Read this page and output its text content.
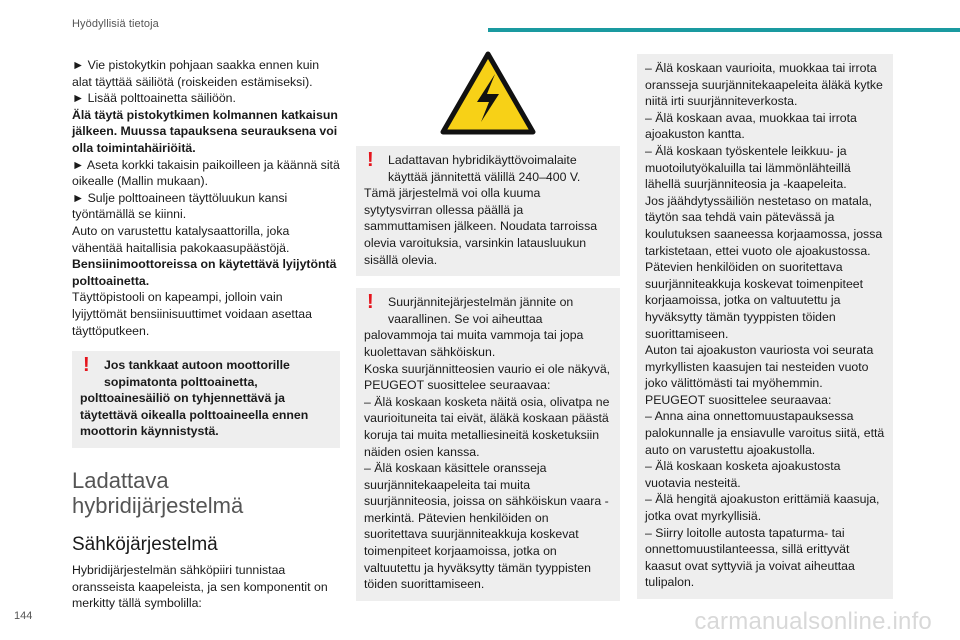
Hyödyllisiä tietoja

► Vie pistokytkin pohjaan saakka ennen kuin alat täyttää säiliötä (roiskeiden estämiseksi).

► Lisää polttoainetta säiliöön.

Älä täytä pistokytkimen kolmannen katkaisun jälkeen. Muussa tapauksena seurauksena voi olla toimintahäiriöitä.

► Aseta korkki takaisin paikoilleen ja käännä sitä oikealle (Mallin mukaan).

► Sulje polttoaineen täyttöluukun kansi työntämällä se kiinni.

Auto on varustettu katalysaattorilla, joka vähentää haitallisia pakokaasupäästöjä.

Bensiinimoottoreissa on käytettävä lyijytöntä polttoainetta.

Täyttöpistooli on kapeampi, jolloin vain lyijyttömät bensiinisuuttimet voidaan asettaa täyttöputkeen.

!	Jos tankkaat autoon moottorille sopimatonta polttoainetta,

polttoainesäiliö on tyhjennettävä ja täytettävä oikealla polttoaineella ennen moottorin käynnistystä.

Ladattava hybridijärjestelmä
Sähköjärjestelmä

Hybridijärjestelmän sähköpiiri tunnistaa oransseista kaapeleista, ja sen komponentit on merkitty tällä symbolilla:

!	Ladattavan hybridikäyttövoimalaite käyttää jännitettä välillä 240–400 V.

Tämä järjestelmä voi olla kuuma sytytysvirran ollessa päällä ja sammuttamisen jälkeen. Noudata tarroissa olevia varoituksia, varsinkin latausluukun sisällä olevia.

!	Suurjännitejärjestelmän jännite on vaarallinen. Se voi aiheuttaa

palovammoja tai muita vammoja tai jopa kuolettavan sähköiskun.

Koska suurjännitteosien vaurio ei ole näkyvä, PEUGEOT suosittelee seuraavaa:

– Älä koskaan kosketa näitä osia, olivatpa ne vaurioituneita tai eivät, äläkä koskaan päästä koruja tai muita metalliesineitä kosketuksiin näiden osien kanssa.

– Älä koskaan käsittele oransseja suurjännitekaapeleita tai muita suurjänniteosia, joissa on sähköiskun vaara -merkintä. Pätevien henkilöiden on suoritettava suurjänniteakkuja koskevat toimenpiteet korjaamoissa, jotka on valtuutettu ja hyväksytty tämän tyyppisten töiden suorittamiseen.

– Älä koskaan vaurioita, muokkaa tai irrota oransseja suurjännitekaapeleita äläkä kytke niitä irti suurjänniteverkosta.

– Älä koskaan avaa, muokkaa tai irrota ajoakuston kantta.

– Älä koskaan työskentele leikkuu- ja muotoilutyökaluilla tai lämmönlähteillä lähellä suurjänniteosia ja -kaapeleita.

Jos jäähdytyssäiliön nestetaso on matala, täytön saa tehdä vain pätevässä ja koulutuksen saaneessa korjaamossa, jossa tarkistetaan, ettei vuoto ole ajoakustossa. Pätevien henkilöiden on suoritettava suurjänniteakkuja koskevat toimenpiteet korjaamoissa, jotka on valtuutettu ja hyväksytty tämän tyyppisten töiden suorittamiseen.

Auton tai ajoakuston vauriosta voi seurata myrkyllisten kaasujen tai nesteiden vuoto joko välittömästi tai myöhemmin. PEUGEOT suosittelee seuraavaa:

– Anna aina onnettomuustapauksessa palokunnalle ja ensiavulle varoitus siitä, että auto on varustettu ajoakustolla.

– Älä koskaan kosketa ajoakustosta vuotavia nesteitä.

– Älä hengitä ajoakuston erittämiä kaasuja, jotka ovat myrkyllisiä.

– Siirry loitolle autosta tapaturma- tai onnettomuustilanteessa, sillä erittyvät kaasut ovat syttyviä ja voivat aiheuttaa tulipalon.

144	carmanualsonline.info
